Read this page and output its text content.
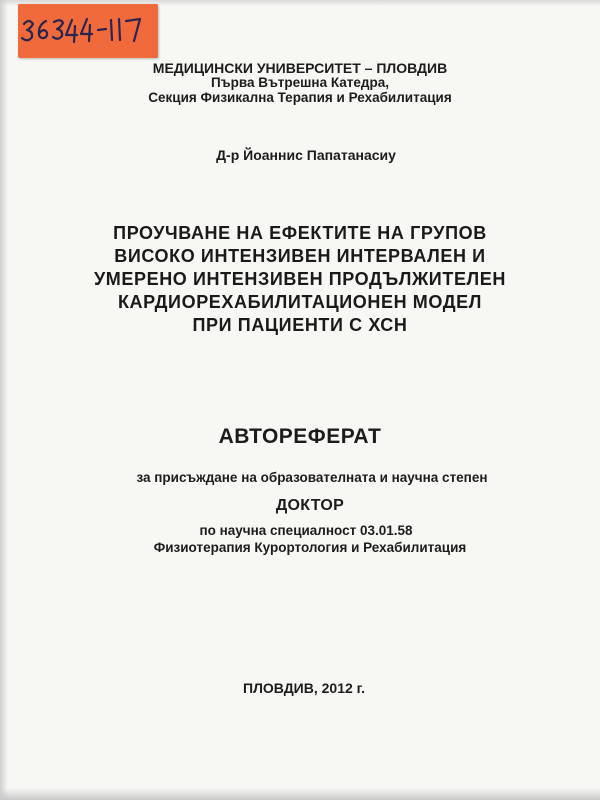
МЕДИЦИНСКИ УНИВЕРСИТЕТ – ПЛОВДИВ
Първа Вътрешна Катедра,
Секция Физикална Терапия и Рехабилитация
Д-р Йоаннис Папатанасиу
ПРОУЧВАНЕ НА ЕФЕКТИТЕ НА ГРУПОВ
ВИСОКО ИНТЕНЗИВЕН ИНТЕРВАЛЕН И
УМЕРЕНО ИНТЕНЗИВЕН ПРОДЪЛЖИТЕЛЕН
КАРДИОРЕХАБИЛИТАЦИОНЕН МОДЕЛ
ПРИ ПАЦИЕНТИ С ХСН
АВТОРЕФЕРАТ
за присъждане на образователната и научна степен
ДОКТОР
по научна специалност 03.01.58
Физиотерапия Курортология и Рехабилитация
ПЛОВДИВ, 2012 г.
